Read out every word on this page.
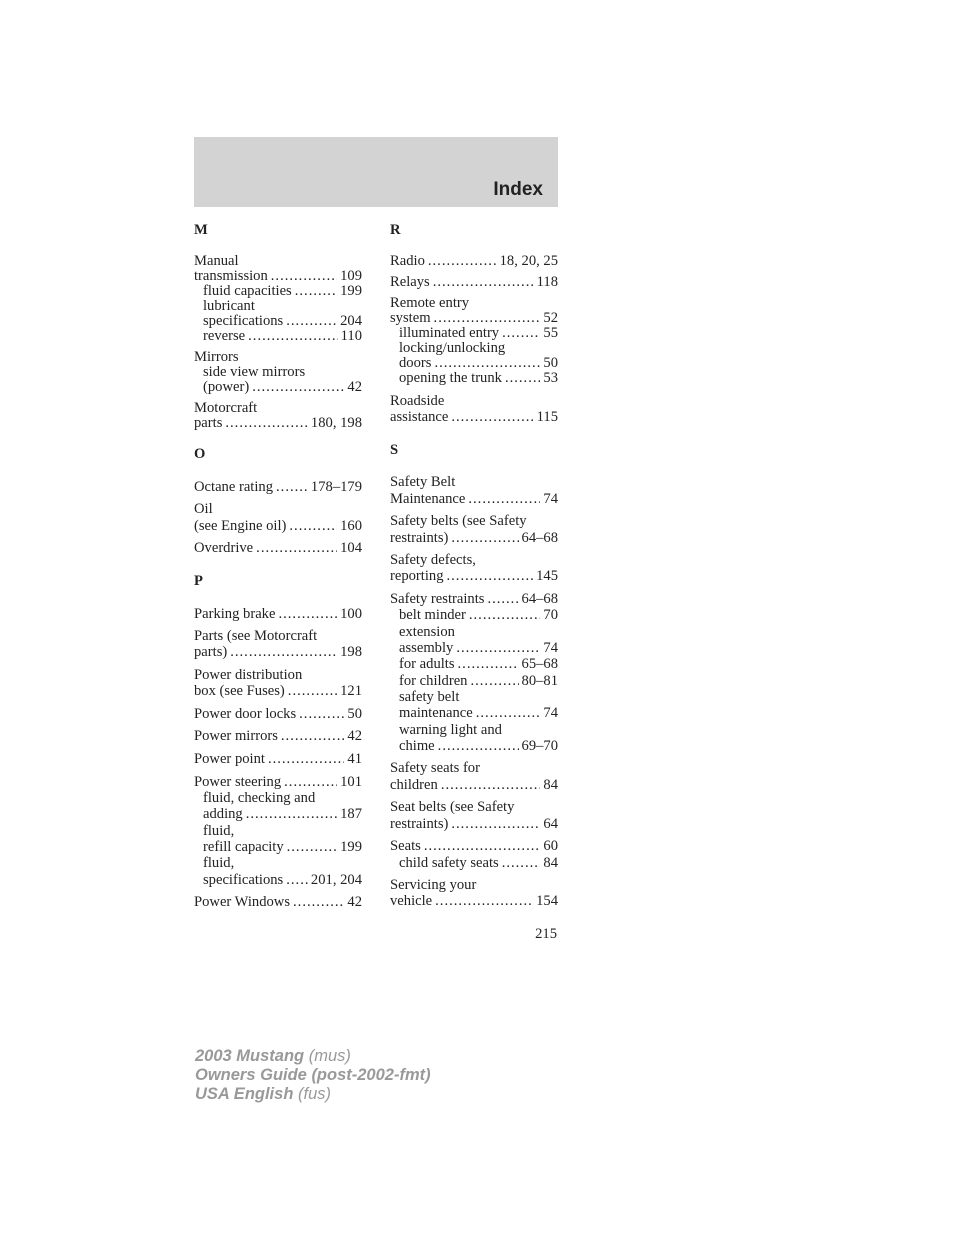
Index
M
Manual
transmission .....	109
fluid capacities .....	199
lubricant
specifications .....	204
reverse .....	110
Mirrors
side view mirrors
(power) .....	42
Motorcraft
parts .....	180, 198
O
Octane rating .....	178–179
Oil
(see Engine oil) .....	160
Overdrive .....	104
P
Parking brake .....	100
Parts (see Motorcraft
parts) .....	198
Power distribution
box (see Fuses) .....	121
Power door locks .....	50
Power mirrors .....	42
Power point .....	41
Power steering .....	101
fluid, checking and
adding .....	187
fluid,
refill capacity .....	199
fluid,
specifications ..... 201, 204
Power Windows .....	42
R
Radio .....	18, 20, 25
Relays .....	118
Remote entry
system .....	52
illuminated entry .....	55
locking/unlocking
doors .....	50
opening the trunk .....	53
Roadside
assistance .....	115
S
Safety Belt
Maintenance .....	74
Safety belts (see Safety
restraints) .....	64–68
Safety defects,
reporting .....	145
Safety restraints .....	64–68
belt minder .....	70
extension
assembly .....	74
for adults .....	65–68
for children .....	80–81
safety belt
maintenance .....	74
warning light and
chime .....	69–70
Safety seats for
children .....	84
Seat belts (see Safety
restraints) .....	64
Seats .....	60
child safety seats .....	84
Servicing your
vehicle .....	154
215
2003 Mustang (mus)
Owners Guide (post-2002-fmt)
USA English (fus)
